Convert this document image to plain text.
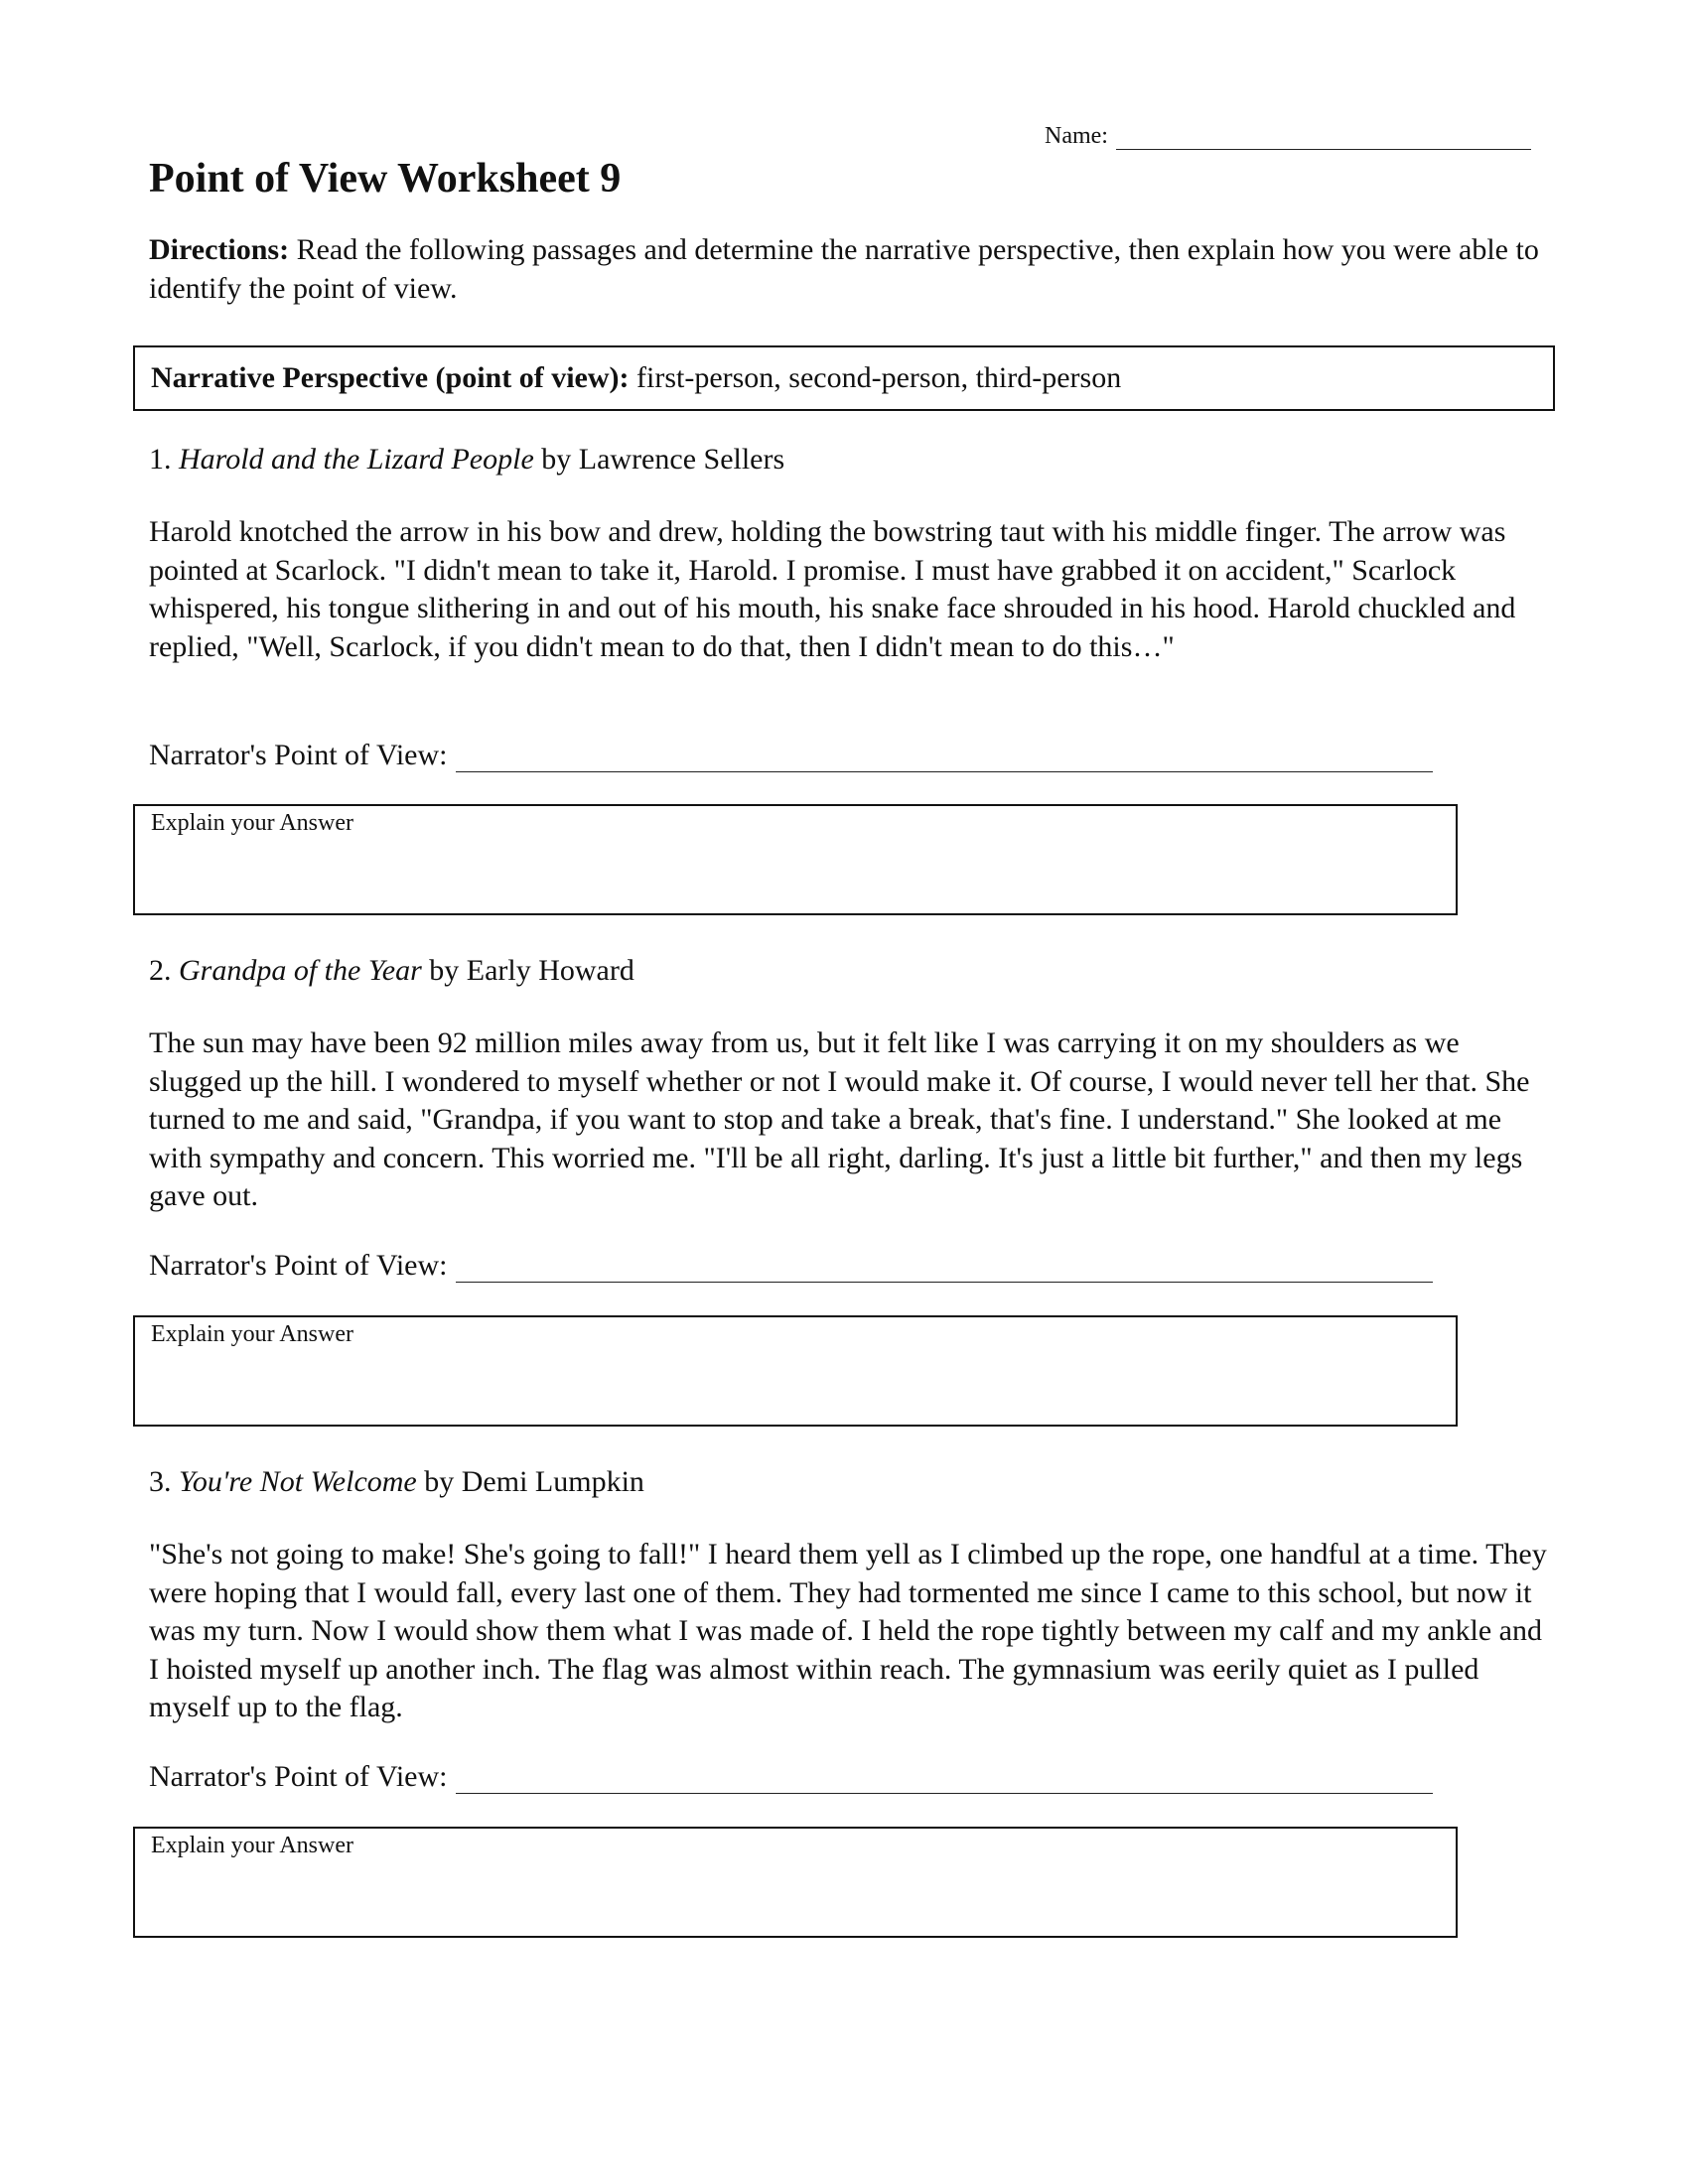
Name:
Point of View Worksheet 9
Directions: Read the following passages and determine the narrative perspective, then explain how you were able to identify the point of view.
Narrative Perspective (point of view): first-person, second-person, third-person
1. Harold and the Lizard People by Lawrence Sellers
Harold knotched the arrow in his bow and drew, holding the bowstring taut with his middle finger. The arrow was pointed at Scarlock. "I didn't mean to take it, Harold. I promise. I must have grabbed it on accident," Scarlock whispered, his tongue slithering in and out of his mouth, his snake face shrouded in his hood. Harold chuckled and replied, "Well, Scarlock, if you didn't mean to do that, then I didn't mean to do this…"
Narrator's Point of View:
Explain your Answer
2. Grandpa of the Year by Early Howard
The sun may have been 92 million miles away from us, but it felt like I was carrying it on my shoulders as we slugged up the hill. I wondered to myself whether or not I would make it. Of course, I would never tell her that. She turned to me and said, "Grandpa, if you want to stop and take a break, that's fine. I understand." She looked at me with sympathy and concern. This worried me. "I'll be all right, darling. It's just a little bit further," and then my legs gave out.
Narrator's Point of View:
Explain your Answer
3. You're Not Welcome by Demi Lumpkin
"She's not going to make! She's going to fall!" I heard them yell as I climbed up the rope, one handful at a time. They were hoping that I would fall, every last one of them. They had tormented me since I came to this school, but now it was my turn. Now I would show them what I was made of. I held the rope tightly between my calf and my ankle and I hoisted myself up another inch. The flag was almost within reach. The gymnasium was eerily quiet as I pulled myself up to the flag.
Narrator's Point of View:
Explain your Answer
